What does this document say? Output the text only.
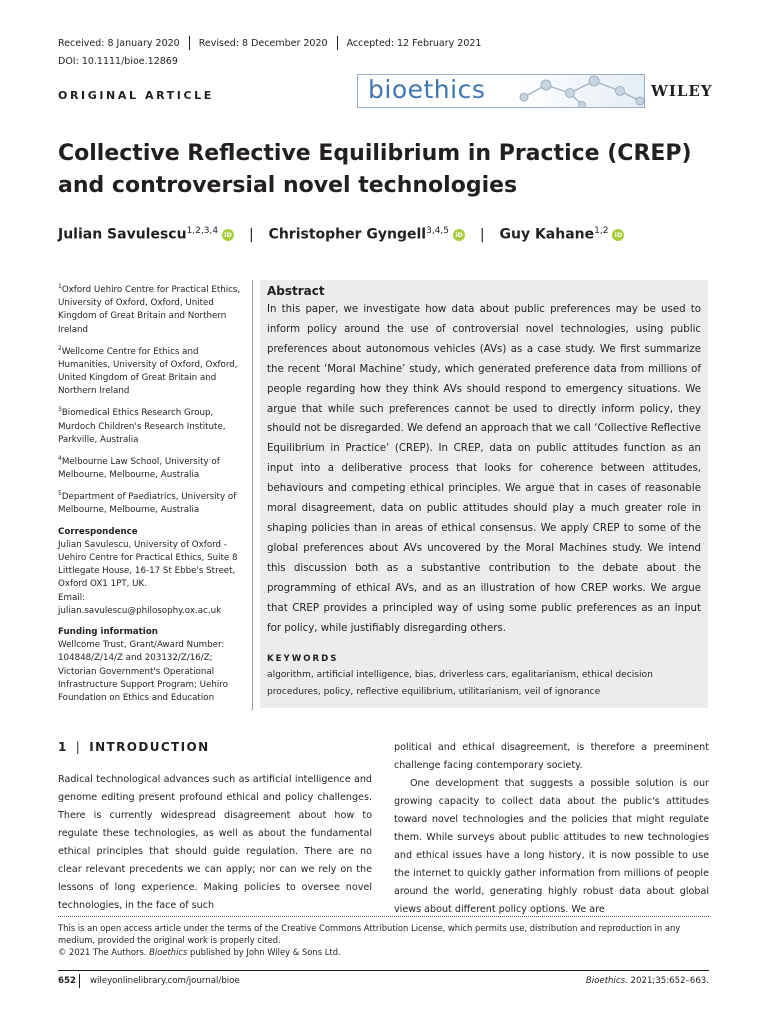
Received: 8 January 2020 Revised: 8 December 2020 Accepted: 12 February 2021
DOI: 10.1111/bioe.12869
ORIGINAL ARTICLE	bioethics	WILEY
Collective Reflective Equilibrium in Practice (CREP) and controversial novel technologies
Julian Savulescu$^{1,2,3,4}$ iD | Christopher Gyngell$^{3,4,5}$ iD | Guy Kahane$^{1,2}$ iD

$^1$Oxford Uehiro Centre for Practical Ethics, University of Oxford, Oxford, United Kingdom of Great Britain and Northern Ireland

$^2$Wellcome Centre for Ethics and Humanities, University of Oxford, Oxford, United Kingdom of Great Britain and Northern Ireland

$^3$Biomedical Ethics Research Group, Murdoch Children's Research Institute, Parkville, Australia

$^4$Melbourne Law School, University of Melbourne, Melbourne, Australia

$^5$Department of Paediatrics, University of Melbourne, Melbourne, Australia

Correspondence

Julian Savulescu, University of Oxford - Uehiro Centre for Practical Ethics, Suite 8 Littlegate House, 16-17 St Ebbe's Street, Oxford OX1 1PT, UK.

Email: julian.savulescu@philosophy.ox.ac.uk

Funding information

Wellcome Trust, Grant/Award Number: 104848/Z/14/Z and 203132/Z/16/Z; Victorian Government's Operational Infrastructure Support Program; Uehiro Foundation on Ethics and Education

Abstract

In this paper, we investigate how data about public preferences may be used to inform policy around the use of controversial novel technologies, using public preferences about autonomous vehicles (AVs) as a case study. We first summarize the recent ‘Moral Machine’ study, which generated preference data from millions of people regarding how they think AVs should respond to emergency situations. We argue that while such preferences cannot be used to directly inform policy, they should not be disregarded. We defend an approach that we call ‘Collective Reflective Equilibrium in Practice’ (CREP). In CREP, data on public attitudes function as an input into a deliberative process that looks for coherence between attitudes, behaviours and competing ethical principles. We argue that in cases of reasonable moral disagreement, data on public attitudes should play a much greater role in shaping policies than in areas of ethical consensus. We apply CREP to some of the global preferences about AVs uncovered by the Moral Machines study. We intend this discussion both as a substantive contribution to the debate about the programming of ethical AVs, and as an illustration of how CREP works. We argue that CREP provides a principled way of using some public preferences as an input for policy, while justifiably disregarding others.

KEYWORDS
algorithm, artificial intelligence, bias, driverless cars, egalitarianism, ethical decision procedures, policy, reflective equilibrium, utilitarianism, veil of ignorance
1 | INTRODUCTION

Radical technological advances such as artificial intelligence and genome editing present profound ethical and policy challenges. There is currently widespread disagreement about how to regulate these technologies, as well as about the fundamental ethical principles that should guide regulation. There are no clear relevant precedents we can apply; nor can we rely on the lessons of long experience. Making policies to oversee novel technologies, in the face of such

political and ethical disagreement, is therefore a preeminent challenge facing contemporary society.

One development that suggests a possible solution is our growing capacity to collect data about the public's attitudes toward novel technologies and the policies that might regulate them. While surveys about public attitudes to new technologies and ethical issues have a long history, it is now possible to use the internet to quickly gather information from millions of people around the world, generating highly robust data about global views about different policy options. We are

This is an open access article under the terms of the Creative Commons Attribution License, which permits use, distribution and reproduction in any medium, provided the original work is properly cited.

© 2021 The Authors. Bioethics published by John Wiley & Sons Ltd.

652 wileyonlinelibrary.com/journal/bioe	Bioethics. 2021;35:652–663.
